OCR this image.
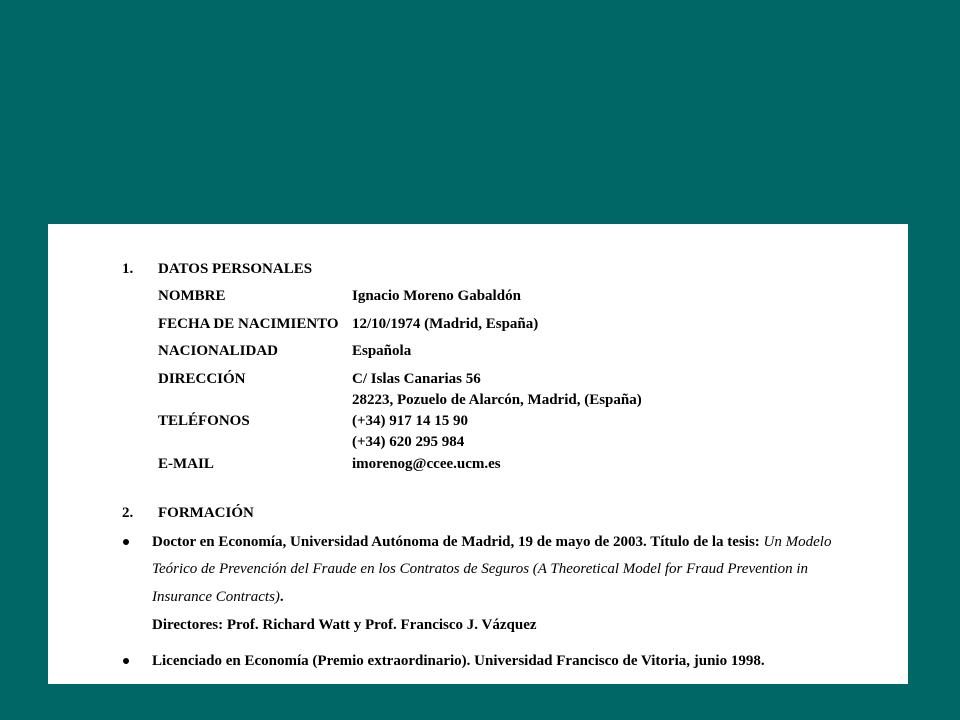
1. DATOS PERSONALES
NOMBRE	Ignacio Moreno Gabaldón
FECHA DE NACIMIENTO 12/10/1974 (Madrid, España)
NACIONALIDAD	Española
DIRECCIÓN	C/ Islas Canarias 56
28223, Pozuelo de Alarcón, Madrid, (España)
TELÉFONOS	(+34) 917 14 15 90
(+34) 620 295 984
E-MAIL	imorenog@ccee.ucm.es
2. FORMACIÓN
Doctor en Economía, Universidad Autónoma de Madrid, 19 de mayo de 2003. Título de la tesis: Un Modelo
Teórico de Prevención del Fraude en los Contratos de Seguros (A Theoretical Model for Fraud Prevention in
Insurance Contracts).
Directores: Prof. Richard Watt y Prof. Francisco J. Vázquez
Licenciado en Economía (Premio extraordinario). Universidad Francisco de Vitoria, junio 1998.
